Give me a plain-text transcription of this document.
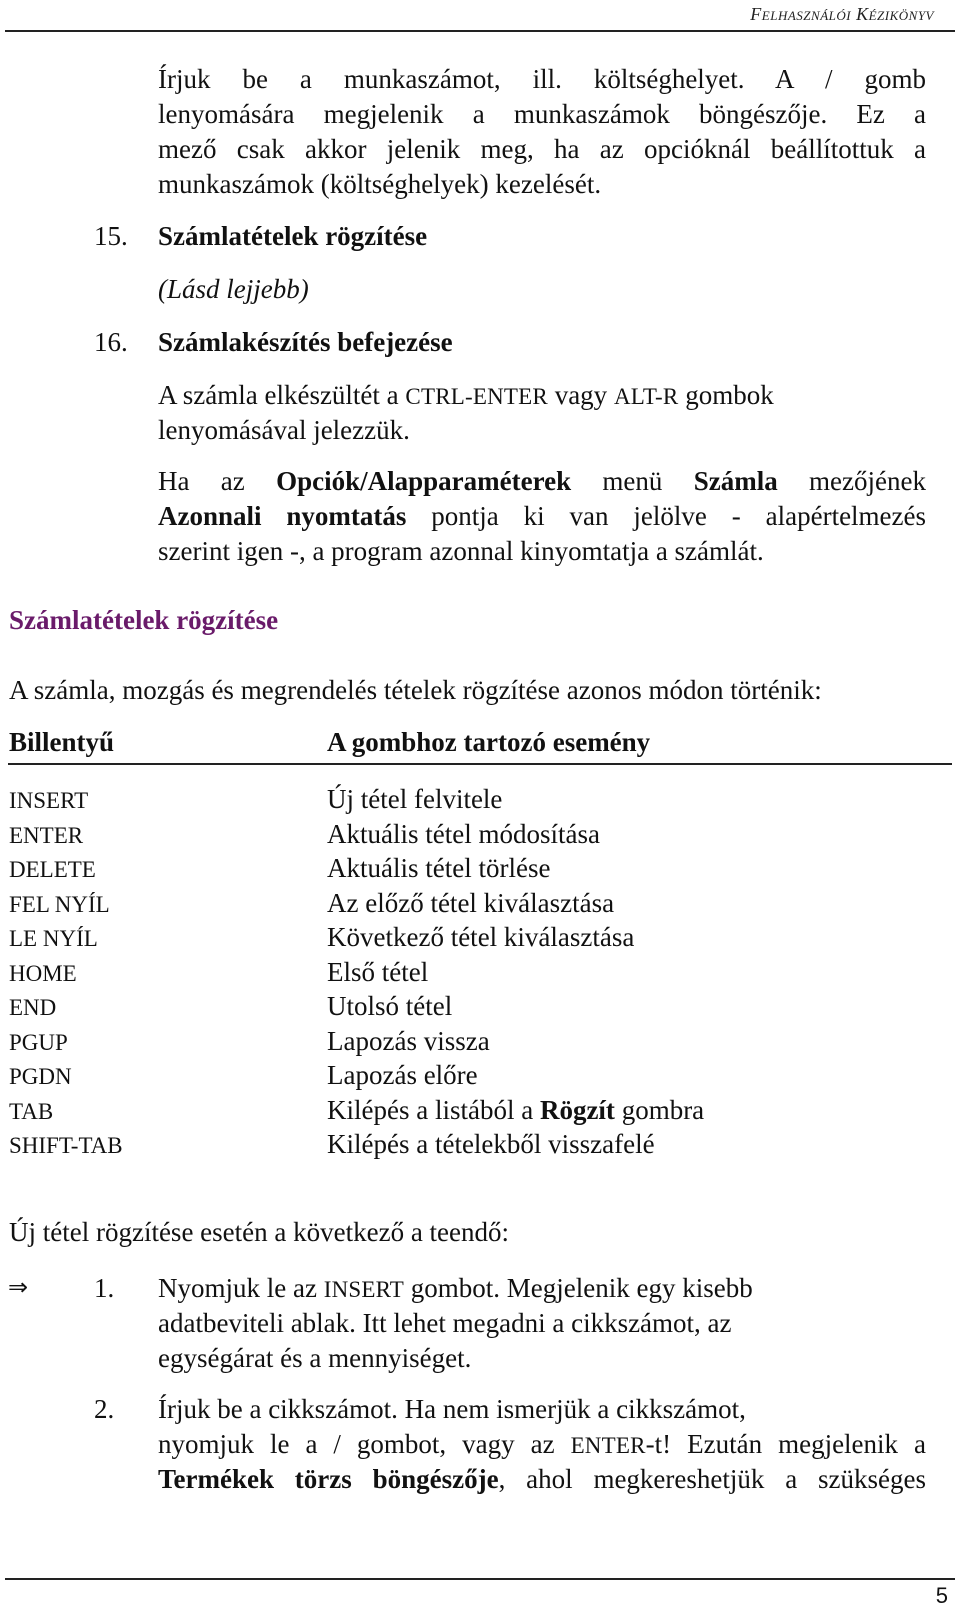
Felhasználói Kézikönyv
Írjuk be a munkaszámot, ill. költséghelyet. A / gomb
lenyomására megjelenik a munkaszámok böngészője. Ez a
mező csak akkor jelenik meg, ha az opcióknál beállítottuk a
munkaszámok (költséghelyek) kezelését.
15. Számlatételek rögzítése
(Lásd lejjebb)
16. Számlakészítés befejezése
A számla elkészültét a CTRL-ENTER vagy ALT-R gombok
lenyomásával jelezzük.
Ha az Opciók/Alapparaméterek menü Számla mezőjének
Azonnali nyomtatás pontja ki van jelölve - alapértelmezés
szerint igen -, a program azonnal kinyomtatja a számlát.
Számlatételek rögzítése
A számla, mozgás és megrendelés tételek rögzítése azonos módon történik:
Billentyű	A gombhoz tartozó esemény
INSERT	Új tétel felvitele
ENTER	Aktuális tétel módosítása
DELETE	Aktuális tétel törlése
FEL NYÍL	Az előző tétel kiválasztása
LE NYÍL	Következő tétel kiválasztása
HOME	Első tétel
END	Utolsó tétel
PGUP	Lapozás vissza
PGDN	Lapozás előre
TAB	Kilépés a listából a Rögzít gombra
SHIFT-TAB	Kilépés a tételekből visszafelé
Új tétel rögzítése esetén a következő a teendő:
⇒ 1. Nyomjuk le az INSERT gombot. Megjelenik egy kisebb
adatbeviteli ablak. Itt lehet megadni a cikkszámot, az
egységárat és a mennyiséget.
2. Írjuk be a cikkszámot. Ha nem ismerjük a cikkszámot,
nyomjuk le a / gombot, vagy az ENTER-t! Ezután megjelenik a
Termékek törzs böngészője, ahol megkereshetjük a szükséges
5
